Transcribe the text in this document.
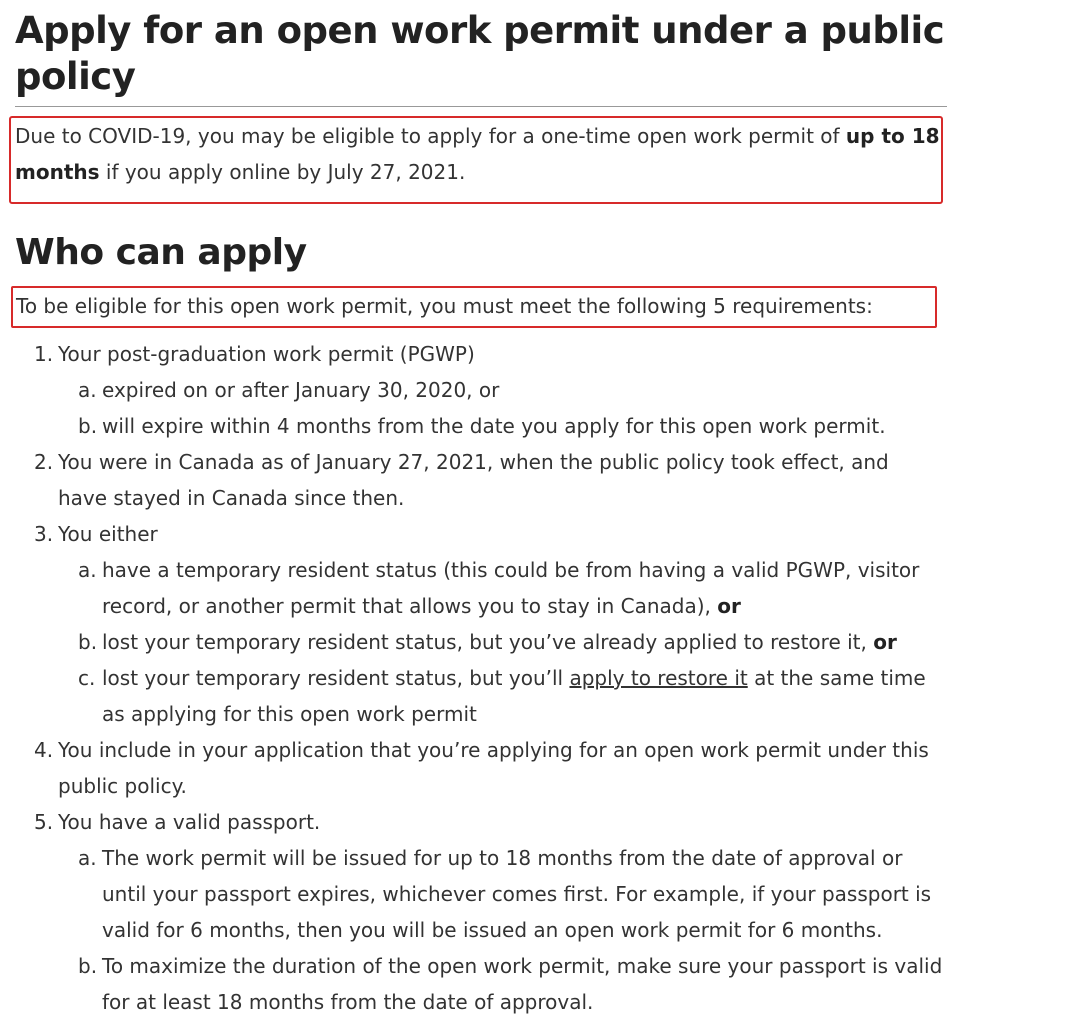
Apply for an open work permit under a public policy

Due to COVID-19, you may be eligible to apply for a one-time open work permit of up to 18 months if you apply online by July 27, 2021.

Who can apply

To be eligible for this open work permit, you must meet the following 5 requirements:

1. Your post-graduation work permit (PGWP)
a. expired on or after January 30, 2020, or
b. will expire within 4 months from the date you apply for this open work permit.
2. You were in Canada as of January 27, 2021, when the public policy took effect, and have stayed in Canada since then.
3. You either
a. have a temporary resident status (this could be from having a valid PGWP, visitor record, or another permit that allows you to stay in Canada), or
b. lost your temporary resident status, but you’ve already applied to restore it, or
c. lost your temporary resident status, but you’ll apply to restore it at the same time as applying for this open work permit
4. You include in your application that you’re applying for an open work permit under this public policy.
5. You have a valid passport.
a. The work permit will be issued for up to 18 months from the date of approval or until your passport expires, whichever comes first. For example, if your passport is valid for 6 months, then you will be issued an open work permit for 6 months.
b. To maximize the duration of the open work permit, make sure your passport is valid for at least 18 months from the date of approval.
